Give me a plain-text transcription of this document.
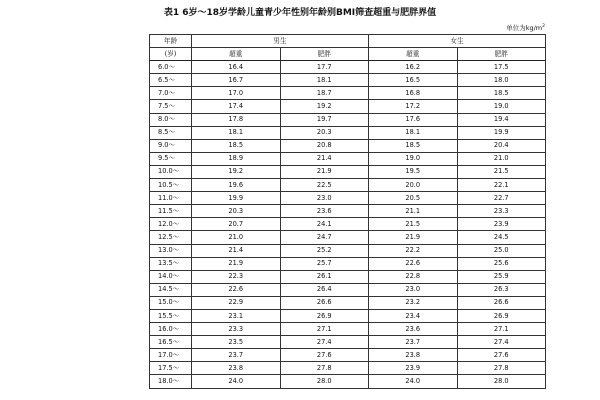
表1 6岁～18岁学龄儿童青少年性别年龄别BMI筛查超重与肥胖界值
单位为$kg/m^2$
年龄	男生		女生	
(岁)	超重	肥胖	超重	肥胖
6.0～	16.4	17.7	16.2	17.5
6.5～	16.7	18.1	16.5	18.0
7.0～	17.0	18.7	16.8	18.5
7.5～	17.4	19.2	17.2	19.0
8.0～	17.8	19.7	17.6	19.4
8.5～	18.1	20.3	18.1	19.9
9.0～	18.5	20.8	18.5	20.4
9.5～	18.9	21.4	19.0	21.0
10.0～	19.2	21.9	19.5	21.5
10.5～	19.6	22.5	20.0	22.1
11.0～	19.9	23.0	20.5	22.7
11.5～	20.3	23.6	21.1	23.3
12.0～	20.7	24.1	21.5	23.9
12.5～	21.0	24.7	21.9	24.5
13.0～	21.4	25.2	22.2	25.0
13.5～	21.9	25.7	22.6	25.6
14.0～	22.3	26.1	22.8	25.9
14.5～	22.6	26.4	23.0	26.3
15.0～	22.9	26.6	23.2	26.6
15.5～	23.1	26.9	23.4	26.9
16.0～	23.3	27.1	23.6	27.1
16.5～	23.5	27.4	23.7	27.4
17.0～	23.7	27.6	23.8	27.6
17.5～	23.8	27.8	23.9	27.8
18.0～	24.0	28.0	24.0	28.0
